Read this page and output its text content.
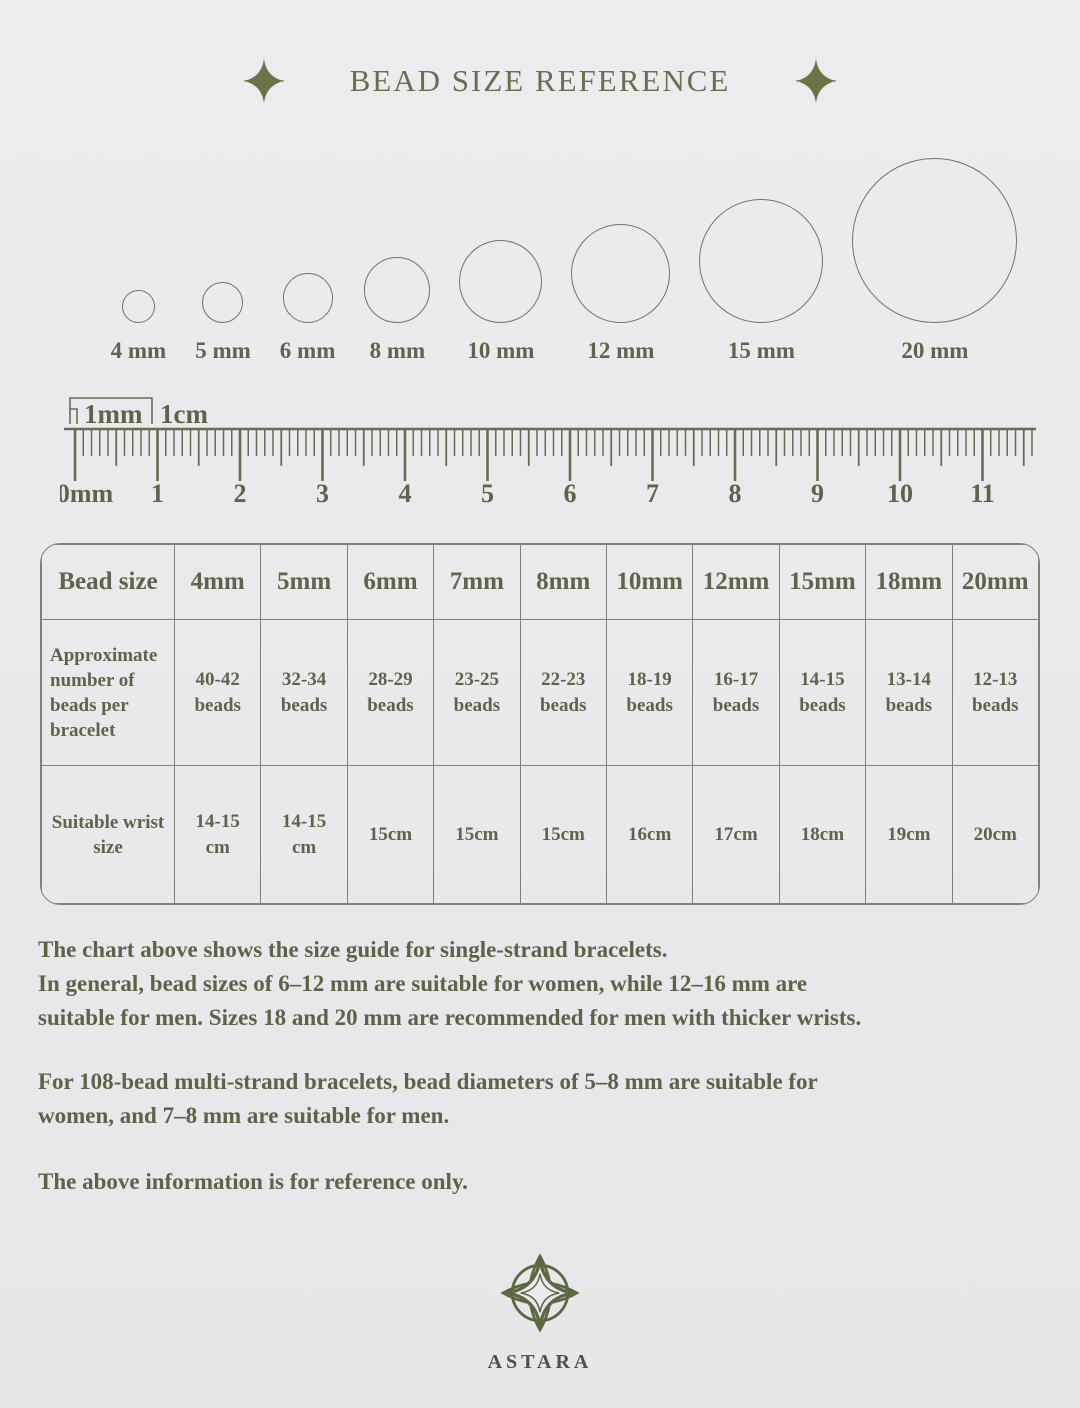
BEAD SIZE REFERENCE
4 mm 5 mm 6 mm 8 mm 10 mm 12 mm	15 mm	20 mm
0mm 1	2	3	4	5	6	7	8	9 10 11
1mm 1cm
Bead size	4mm	5mm	6mm	7mm	8mm	10mm	12mm	15mm	18mm	20mm
Approximate number of beads per bracelet	40-42 beads	32-34 beads	28-29 beads	23-25 beads	22-23 beads	18-19 beads	16-17 beads	14-15 beads	13-14 beads	12-13 beads
Suitable wrist size	14-15 cm	14-15 cm	15cm	15cm	15cm	16cm	17cm	18cm	19cm	20cm
The chart above shows the size guide for single-strand bracelets.
In general, bead sizes of 6–12 mm are suitable for women, while 12–16 mm are
suitable for men. Sizes 18 and 20 mm are recommended for men with thicker wrists.
For 108-bead multi-strand bracelets, bead diameters of 5–8 mm are suitable for
women, and 7–8 mm are suitable for men.
The above information is for reference only.
ASTARA
